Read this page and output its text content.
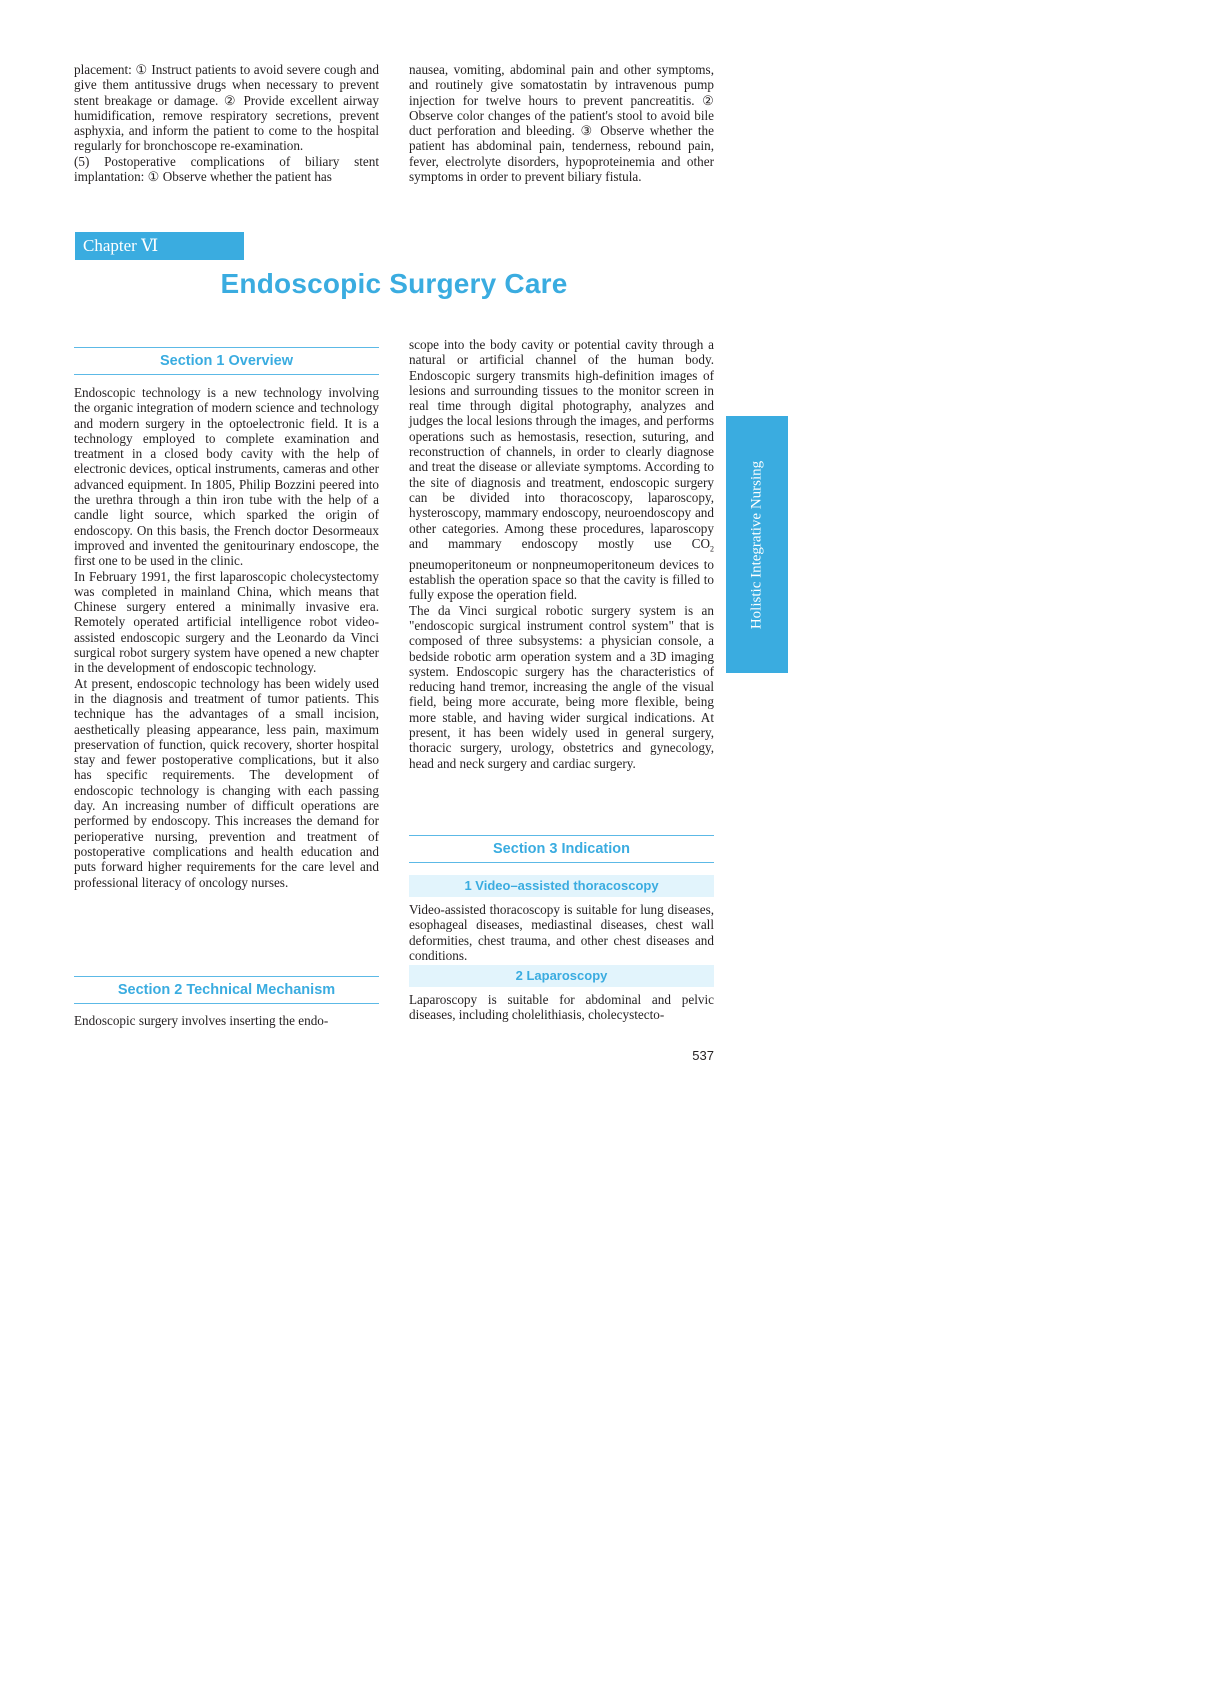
placement: ① Instruct patients to avoid severe cough and give them antitussive drugs when necessary to prevent stent breakage or damage. ② Provide excellent airway humidification, remove respiratory secretions, prevent asphyxia, and inform the patient to come to the hospital regularly for bronchoscope re-examination.

(5) Postoperative complications of biliary stent implantation: ① Observe whether the patient has

nausea, vomiting, abdominal pain and other symptoms, and routinely give somatostatin by intravenous pump injection for twelve hours to prevent pancreatitis. ② Observe color changes of the patient's stool to avoid bile duct perforation and bleeding. ③ Observe whether the patient has abdominal pain, tenderness, rebound pain, fever, electrolyte disorders, hypoproteinemia and other symptoms in order to prevent biliary fistula.

Chapter Ⅵ
Endoscopic Surgery Care
Section 1 Overview

Endoscopic technology is a new technology involving the organic integration of modern science and technology and modern surgery in the optoelectronic field. It is a technology employed to complete examination and treatment in a closed body cavity with the help of electronic devices, optical instruments, cameras and other advanced equipment. In 1805, Philip Bozzini peered into the urethra through a thin iron tube with the help of a candle light source, which sparked the origin of endoscopy. On this basis, the French doctor Desormeaux improved and invented the genitourinary endoscope, the first one to be used in the clinic.

In February 1991, the first laparoscopic cholecystectomy was completed in mainland China, which means that Chinese surgery entered a minimally invasive era. Remotely operated artificial intelligence robot video-assisted endoscopic surgery and the Leonardo da Vinci surgical robot surgery system have opened a new chapter in the development of endoscopic technology.

At present, endoscopic technology has been widely used in the diagnosis and treatment of tumor patients. This technique has the advantages of a small incision, aesthetically pleasing appearance, less pain, maximum preservation of function, quick recovery, shorter hospital stay and fewer postoperative complications, but it also has specific requirements. The development of endoscopic technology is changing with each passing day. An increasing number of difficult operations are performed by endoscopy. This increases the demand for perioperative nursing, prevention and treatment of postoperative complications and health education and puts forward higher requirements for the care level and professional literacy of oncology nurses.

Section 2 Technical Mechanism

Endoscopic surgery involves inserting the endo-

scope into the body cavity or potential cavity through a natural or artificial channel of the human body. Endoscopic surgery transmits high-definition images of lesions and surrounding tissues to the monitor screen in real time through digital photography, analyzes and judges the local lesions through the images, and performs operations such as hemostasis, resection, suturing, and reconstruction of channels, in order to clearly diagnose and treat the disease or alleviate symptoms. According to the site of diagnosis and treatment, endoscopic surgery can be divided into thoracoscopy, laparoscopy, hysteroscopy, mammary endoscopy, neuroendoscopy and other categories. Among these procedures, laparoscopy and mammary endoscopy mostly use $CO_2$ pneumoperitoneum or nonpneumoperitoneum devices to establish the operation space so that the cavity is filled to fully expose the operation field.

The da Vinci surgical robotic surgery system is an "endoscopic surgical instrument control system" that is composed of three subsystems: a physician console, a bedside robotic arm operation system and a 3D imaging system. Endoscopic surgery has the characteristics of reducing hand tremor, increasing the angle of the visual field, being more accurate, being more flexible, being more stable, and having wider surgical indications. At present, it has been widely used in general surgery, thoracic surgery, urology, obstetrics and gynecology, head and neck surgery and cardiac surgery.

Section 3 Indication
1 Video–assisted thoracoscopy

Video-assisted thoracoscopy is suitable for lung diseases, esophageal diseases, mediastinal diseases, chest wall deformities, chest trauma, and other chest diseases and conditions.

2 Laparoscopy

Laparoscopy is suitable for abdominal and pelvic diseases, including cholelithiasis, cholecystecto-

Holistic Integrative Nursing
537
